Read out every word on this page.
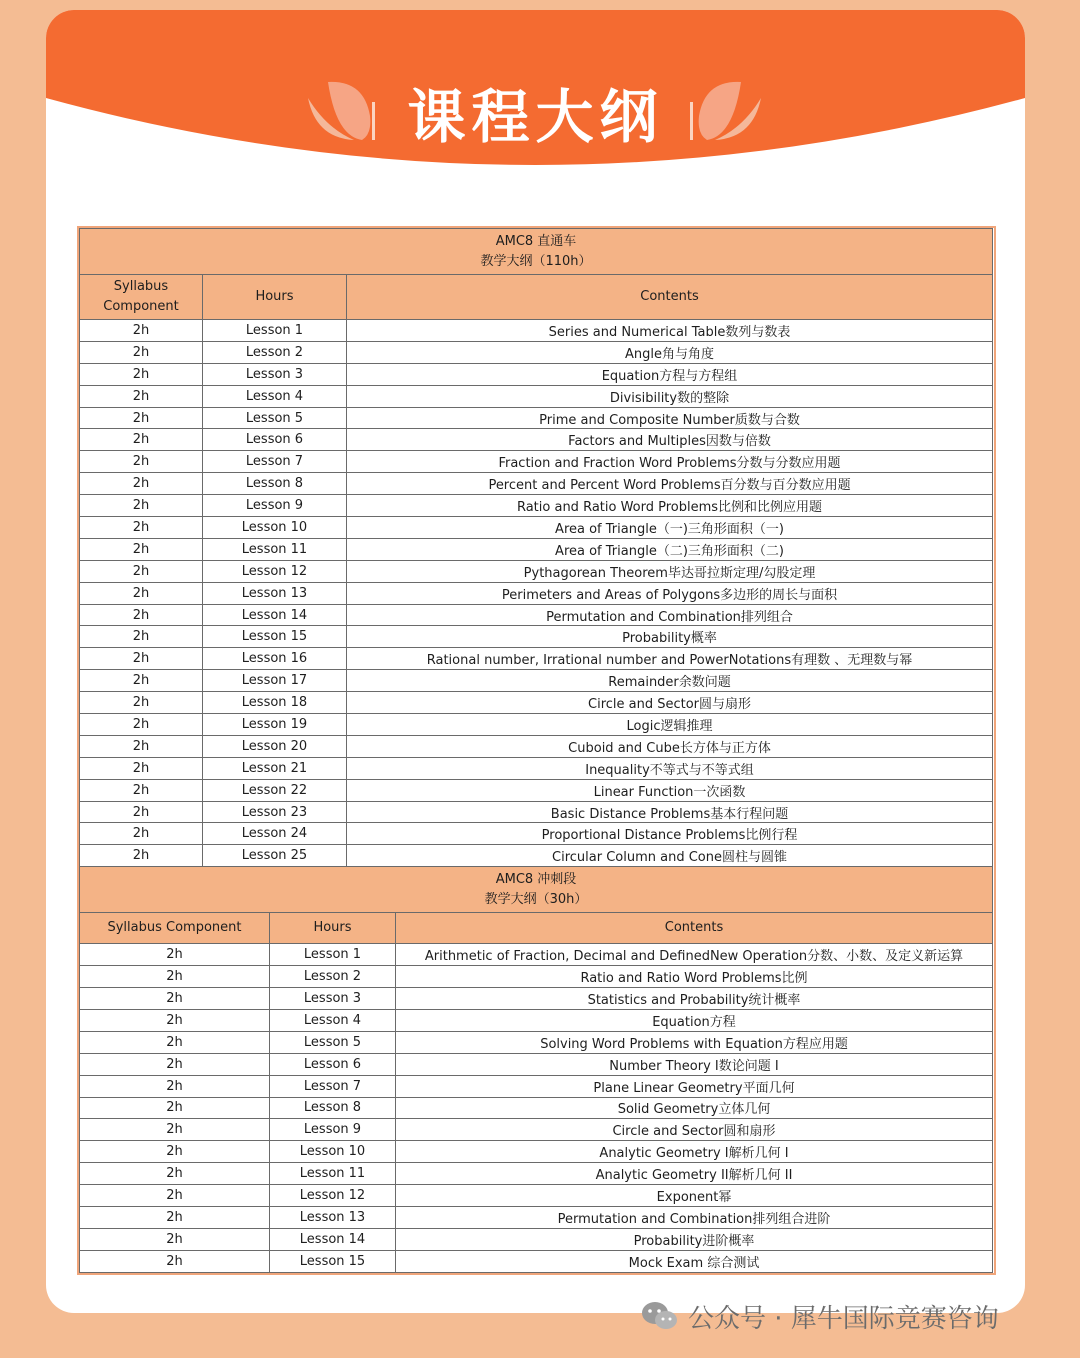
课程大纲
AMC8 直通车
教学大纲（110h）		

Syllabus Component	Hours	Contents
2h	Lesson 1	Series and Numerical Table数列与数表
2h	Lesson 2	Angle角与角度
2h	Lesson 3	Equation方程与方程组
2h	Lesson 4	Divisibility数的整除
2h	Lesson 5	Prime and Composite Number质数与合数
2h	Lesson 6	Factors and Multiples因数与倍数
2h	Lesson 7	Fraction and Fraction Word Problems分数与分数应用题
2h	Lesson 8	Percent and Percent Word Problems百分数与百分数应用题
2h	Lesson 9	Ratio and Ratio Word Problems比例和比例应用题
2h	Lesson 10	Area of Triangle（一)三角形面积（一)
2h	Lesson 11	Area of Triangle（二)三角形面积（二)
2h	Lesson 12	Pythagorean Theorem毕达哥拉斯定理/勾股定理
2h	Lesson 13	Perimeters and Areas of Polygons多边形的周长与面积
2h	Lesson 14	Permutation and Combination排列组合
2h	Lesson 15	Probability概率
2h	Lesson 16	Rational number, Irrational number and PowerNotations有理数 、无理数与幂
2h	Lesson 17	Remainder余数问题
2h	Lesson 18	Circle and Sector圆与扇形
2h	Lesson 19	Logic逻辑推理
2h	Lesson 20	Cuboid and Cube长方体与正方体
2h	Lesson 21	Inequality不等式与不等式组
2h	Lesson 22	Linear Function一次函数
2h	Lesson 23	Basic Distance Problems基本行程问题
2h	Lesson 24	Proportional Distance Problems比例行程
2h	Lesson 25	Circular Column and Cone圆柱与圆锥
AMC8 冲刺段
教学大纲（30h）		

Syllabus Component	Hours	Contents
2h	Lesson 1	Arithmetic of Fraction, Decimal and DefinedNew Operation分数、小数、及定义新运算
2h	Lesson 2	Ratio and Ratio Word Problems比例
2h	Lesson 3	Statistics and Probability统计概率
2h	Lesson 4	Equation方程
2h	Lesson 5	Solving Word Problems with Equation方程应用题
2h	Lesson 6	Number Theory I数论问题 I
2h	Lesson 7	Plane Linear Geometry平面几何
2h	Lesson 8	Solid Geometry立体几何
2h	Lesson 9	Circle and Sector圆和扇形
2h	Lesson 10	Analytic Geometry I解析几何 I
2h	Lesson 11	Analytic Geometry II解析几何 II
2h	Lesson 12	Exponent幂
2h	Lesson 13	Permutation and Combination排列组合进阶
2h	Lesson 14	Probability进阶概率
2h	Lesson 15	Mock Exam 综合测试
公众号 · 犀牛国际竞赛咨询
